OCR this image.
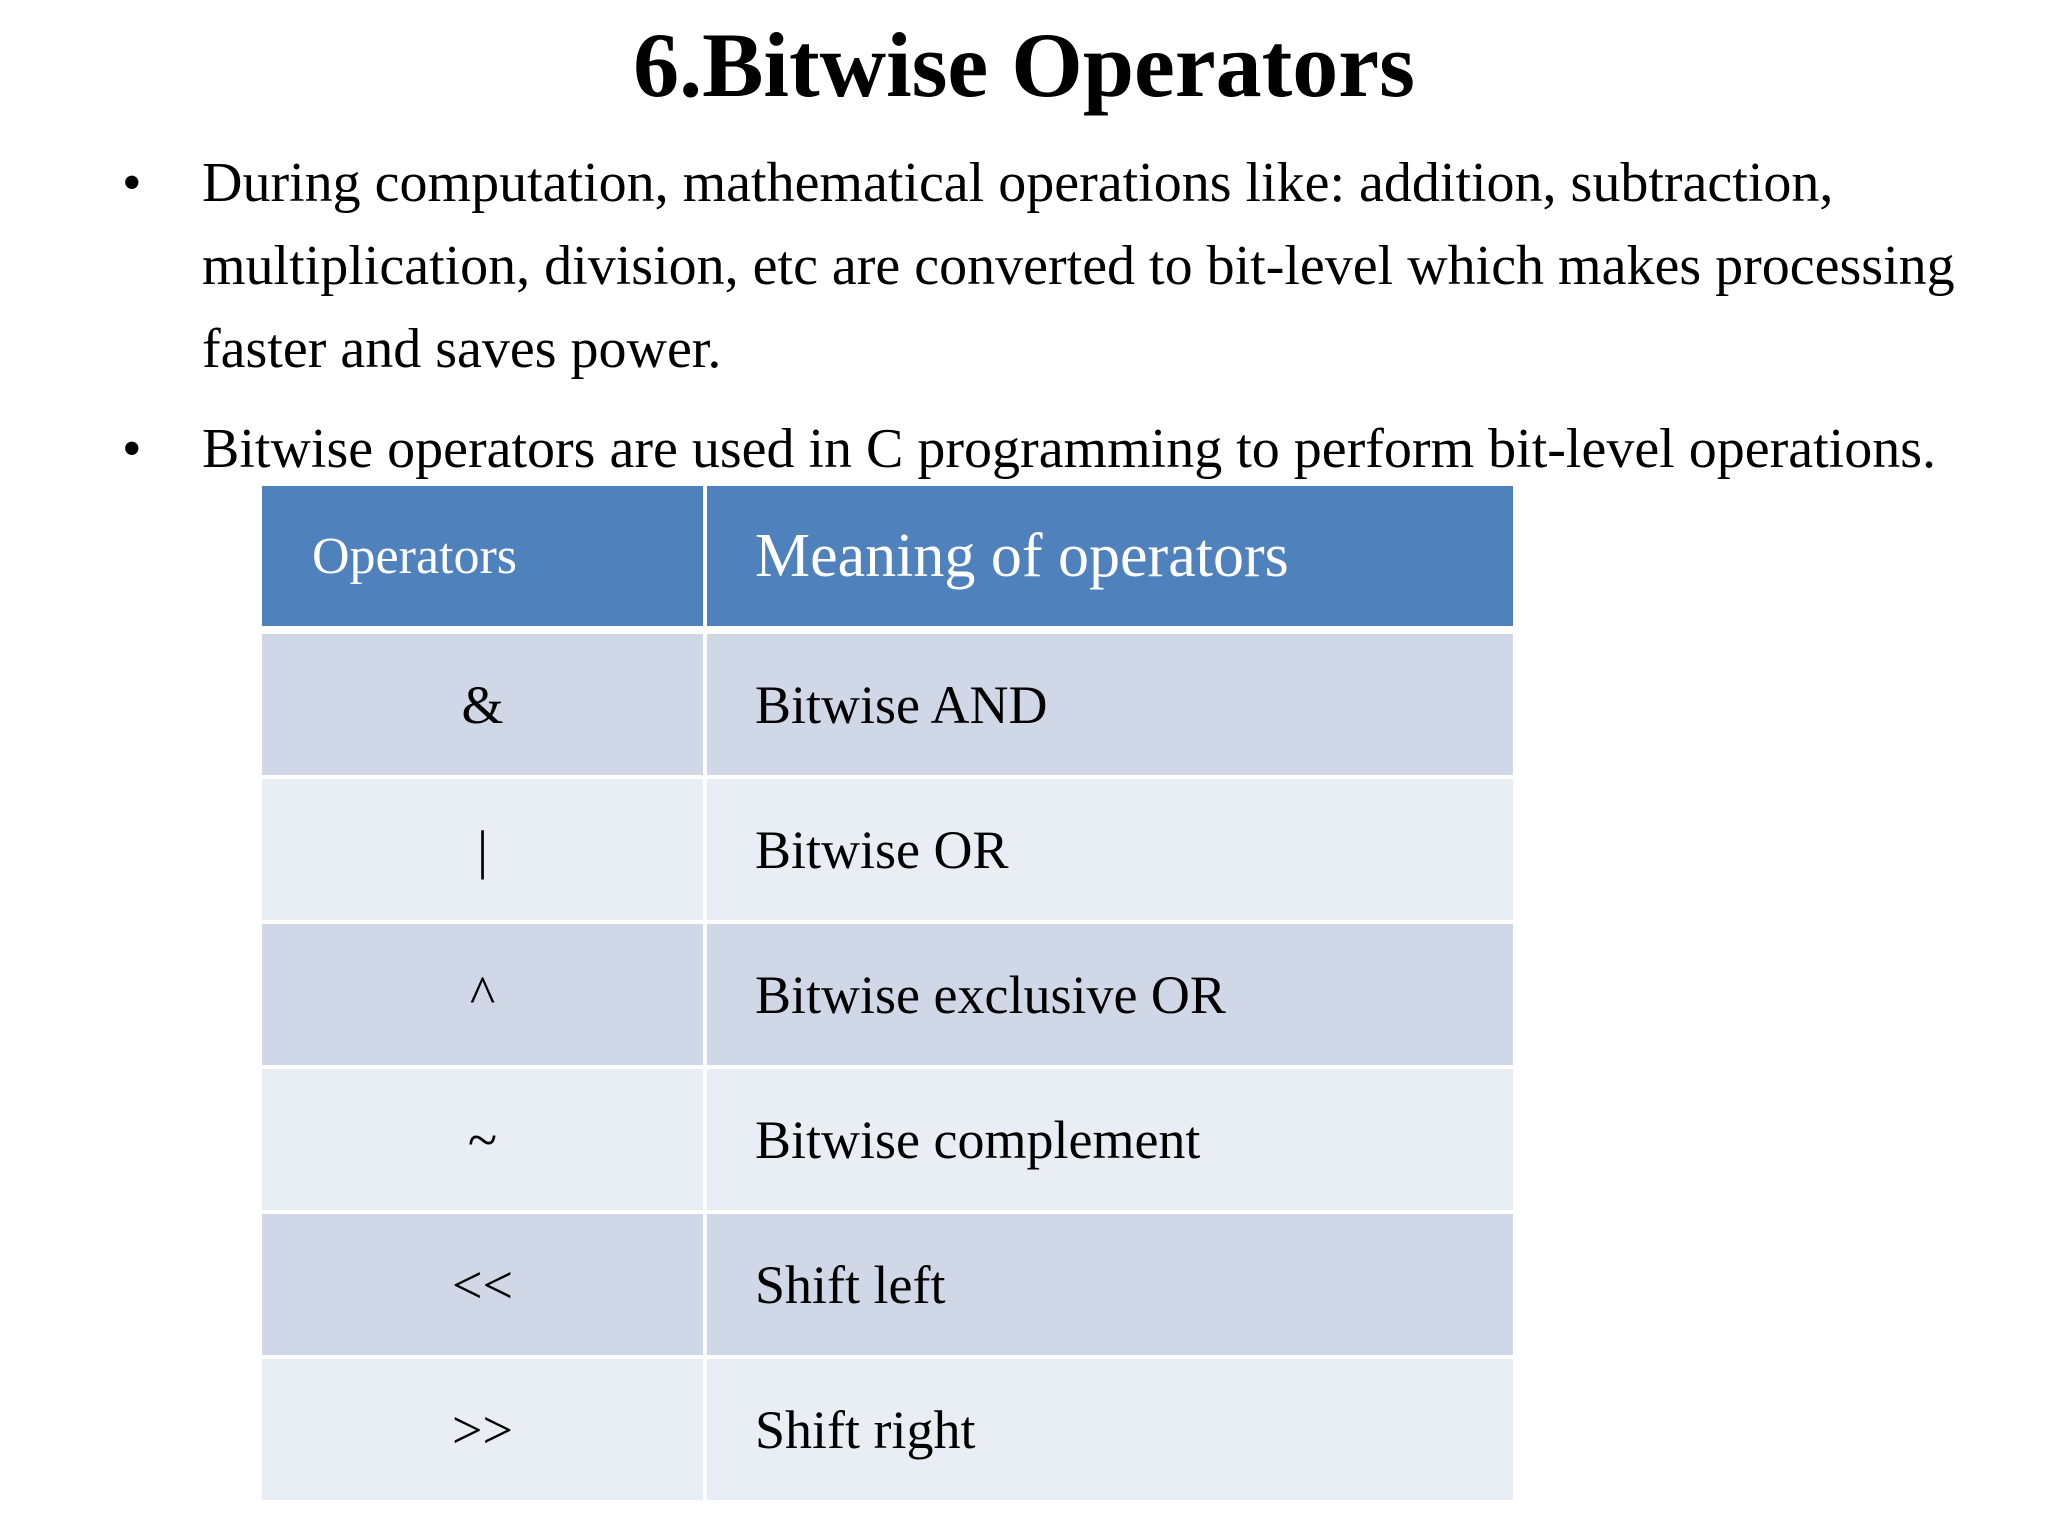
6.Bitwise Operators
• During computation, mathematical operations like: addition, subtraction, multiplication, division, etc are converted to bit-level which makes processing faster and saves power.
• Bitwise operators are used in C programming to perform bit-level operations.
Operators	Meaning of operators
&	Bitwise AND
|	Bitwise OR
^	Bitwise exclusive OR
~	Bitwise complement
<<	Shift left
>>	Shift right
